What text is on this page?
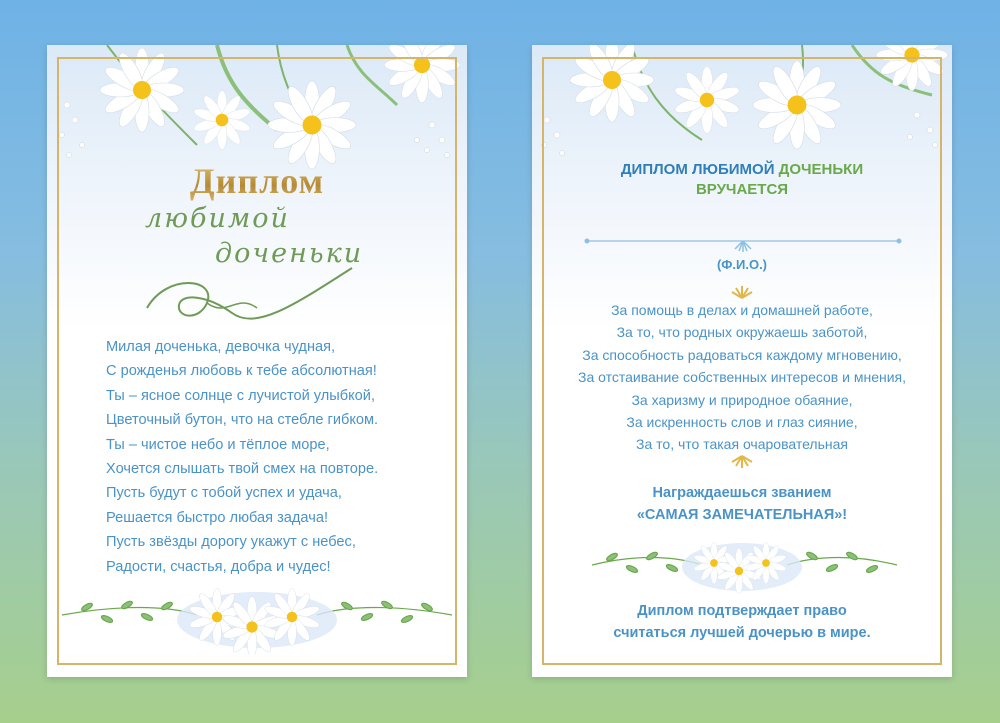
Диплом
любимой
доченьки
Милая доченька, девочка чудная,
С рожденья любовь к тебе абсолютная!
Ты – ясное солнце с лучистой улыбкой,
Цветочный бутон, что на стебле гибком.
Ты – чистое небо и тёплое море,
Хочется слышать твой смех на повторе.
Пусть будут с тобой успех и удача,
Решается быстро любая задача!
Пусть звёзды дорогу укажут с небес,
Радости, счастья, добра и чудес!
ДИПЛОМ ЛЮБИМОЙ ДОЧЕНЬКИ
ВРУЧАЕТСЯ
(Ф.И.О.)
За помощь в делах и домашней работе,
За то, что родных окружаешь заботой,
За способность радоваться каждому мгновению,
За отстаивание собственных интересов и мнения,
За харизму и природное обаяние,
За искренность слов и глаз сияние,
За то, что такая очаровательная
Награждаешься званием
«САМАЯ ЗАМЕЧАТЕЛЬНАЯ»!
Диплом подтверждает право
считаться лучшей дочерью в мире.
